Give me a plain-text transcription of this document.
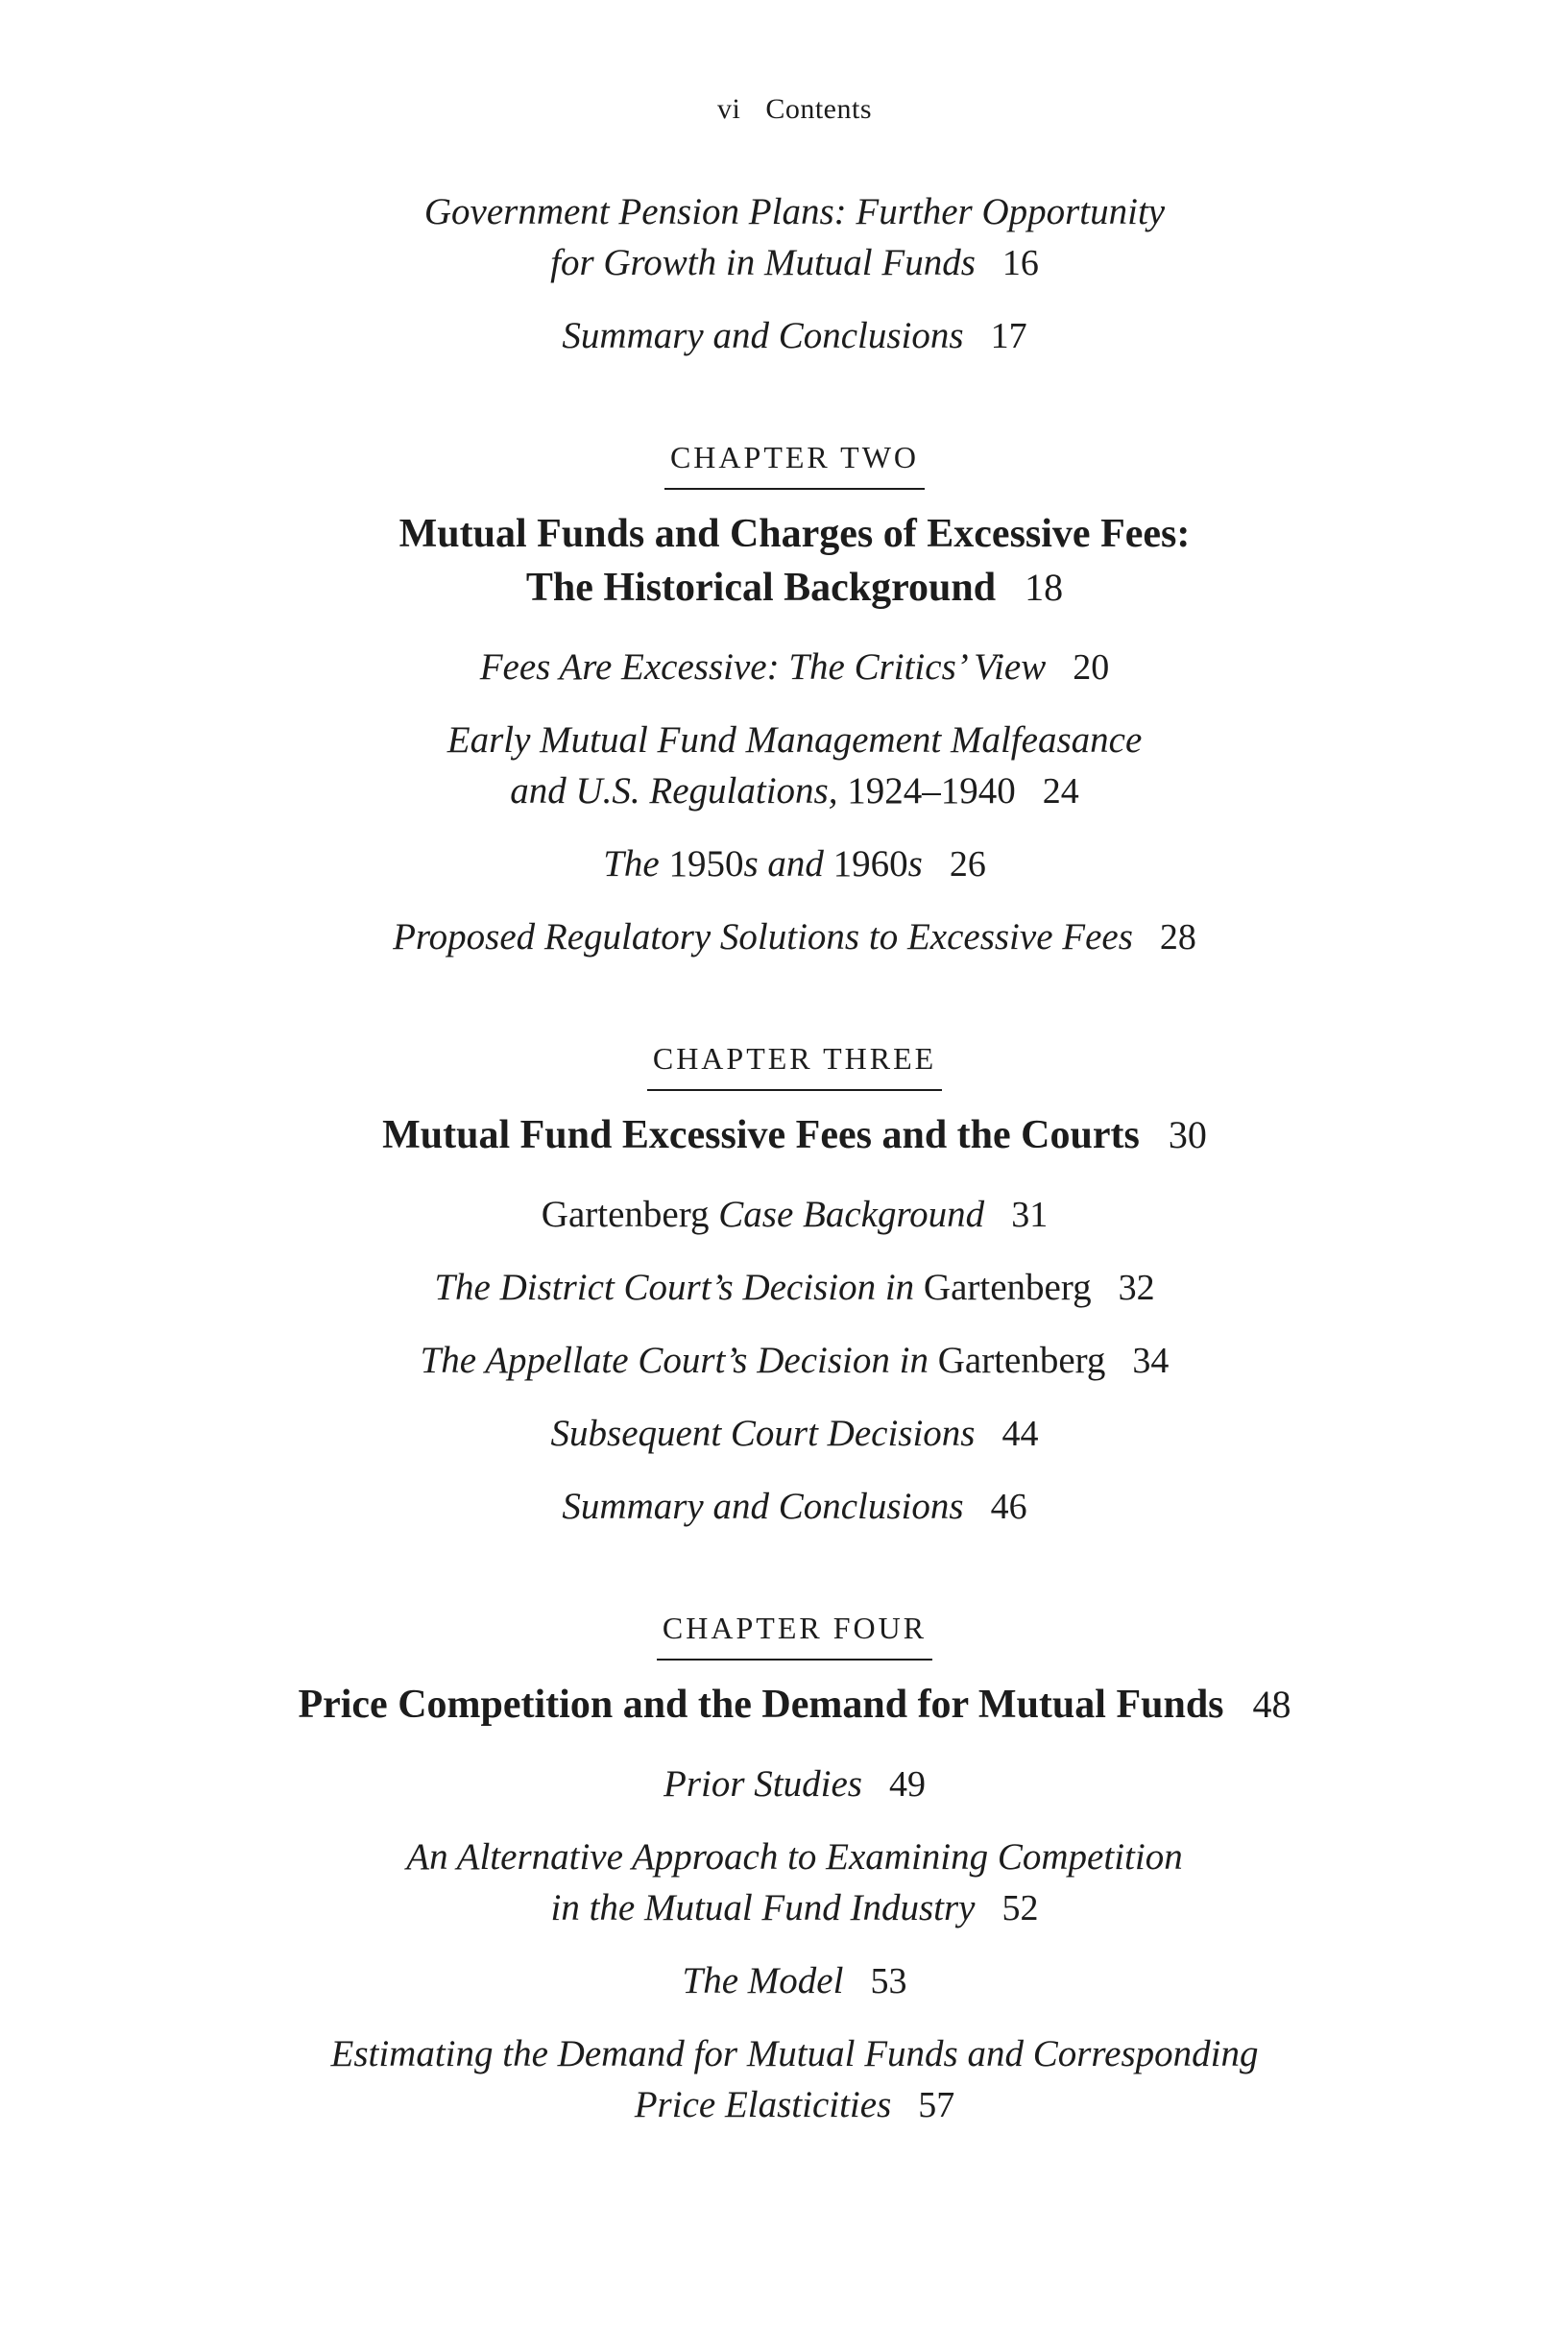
vi Contents
Government Pension Plans: Further Opportunity
for Growth in Mutual Funds 16
Summary and Conclusions 17
CHAPTER TWO
Mutual Funds and Charges of Excessive Fees:
The Historical Background 18
Fees Are Excessive: The Critics’ View 20
Early Mutual Fund Management Malfeasance
and U.S. Regulations, 1924–1940 24
The 1950s and 1960s 26
Proposed Regulatory Solutions to Excessive Fees 28
CHAPTER THREE
Mutual Fund Excessive Fees and the Courts 30
Gartenberg Case Background 31
The District Court’s Decision in Gartenberg 32
The Appellate Court’s Decision in Gartenberg 34
Subsequent Court Decisions 44
Summary and Conclusions 46
CHAPTER FOUR
Price Competition and the Demand for Mutual Funds 48
Prior Studies 49
An Alternative Approach to Examining Competition
in the Mutual Fund Industry 52
The Model 53
Estimating the Demand for Mutual Funds and Corresponding
Price Elasticities 57
